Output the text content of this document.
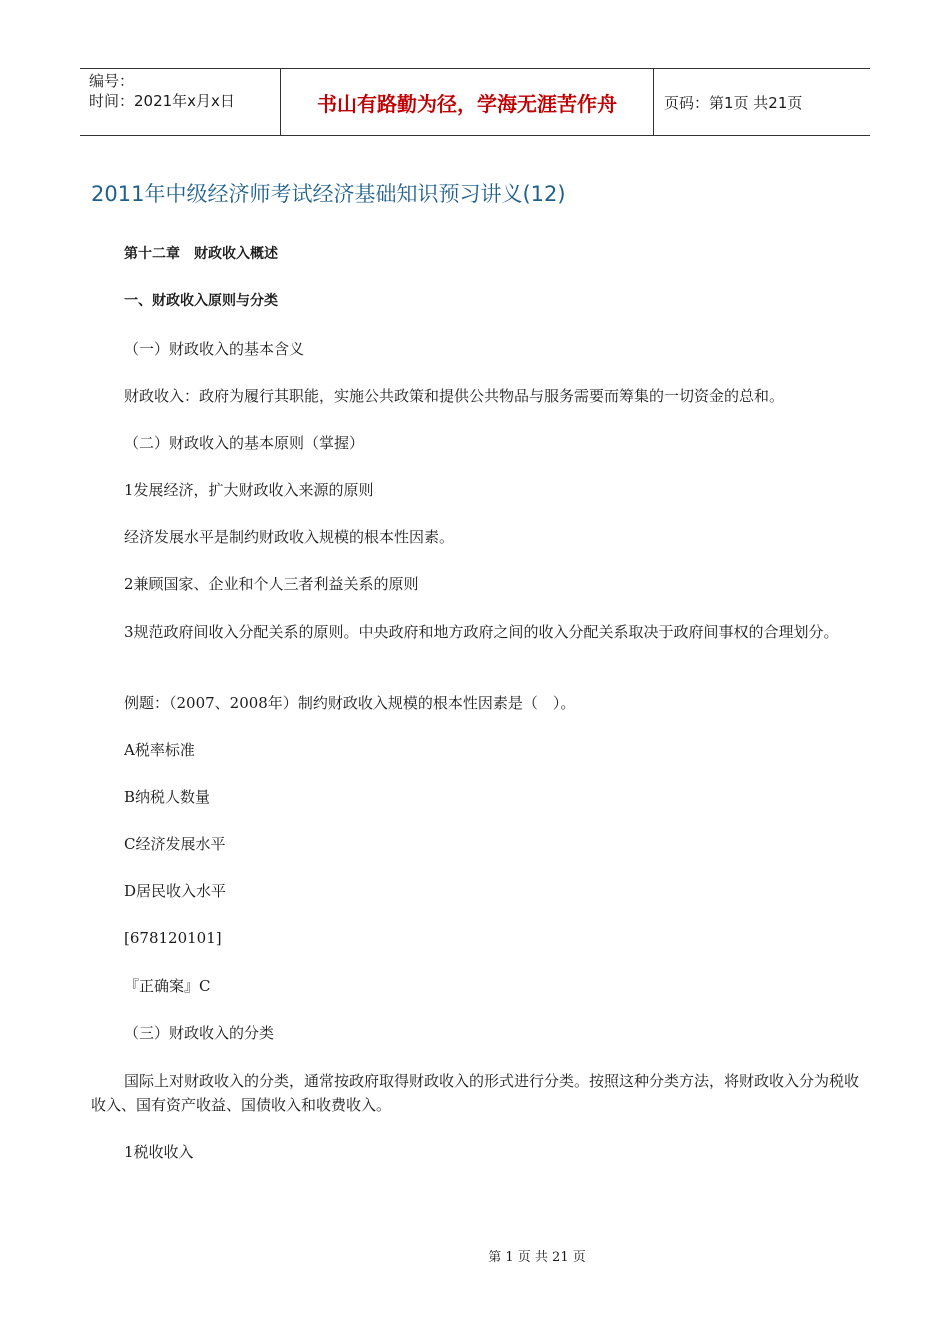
编号：
时间：2021年x月x日	书山有路勤为径，学海无涯苦作舟	页码：第1页 共21页
2011年中级经济师考试经济基础知识预习讲义(12)

第十二章　财政收入概述

一、财政收入原则与分类

（一）财政收入的基本含义

财政收入：政府为履行其职能，实施公共政策和提供公共物品与服务需要而筹集的一切资金的总和。

（二）财政收入的基本原则（掌握）

1发展经济，扩大财政收入来源的原则

经济发展水平是制约财政收入规模的根本性因素。

2兼顾国家、企业和个人三者利益关系的原则

3规范政府间收入分配关系的原则。中央政府和地方政府之间的收入分配关系取决于政府间事权的合理划分。

例题：（2007、2008年）制约财政收入规模的根本性因素是（　）。

A税率标准

B纳税人数量

C经济发展水平

D居民收入水平

[678120101]

『正确案』C

（三）财政收入的分类

国际上对财政收入的分类，通常按政府取得财政收入的形式进行分类。按照这种分类方法，将财政收入分为税收收入、国有资产收益、国债收入和收费收入。

1税收收入

第 1 页 共 21 页
